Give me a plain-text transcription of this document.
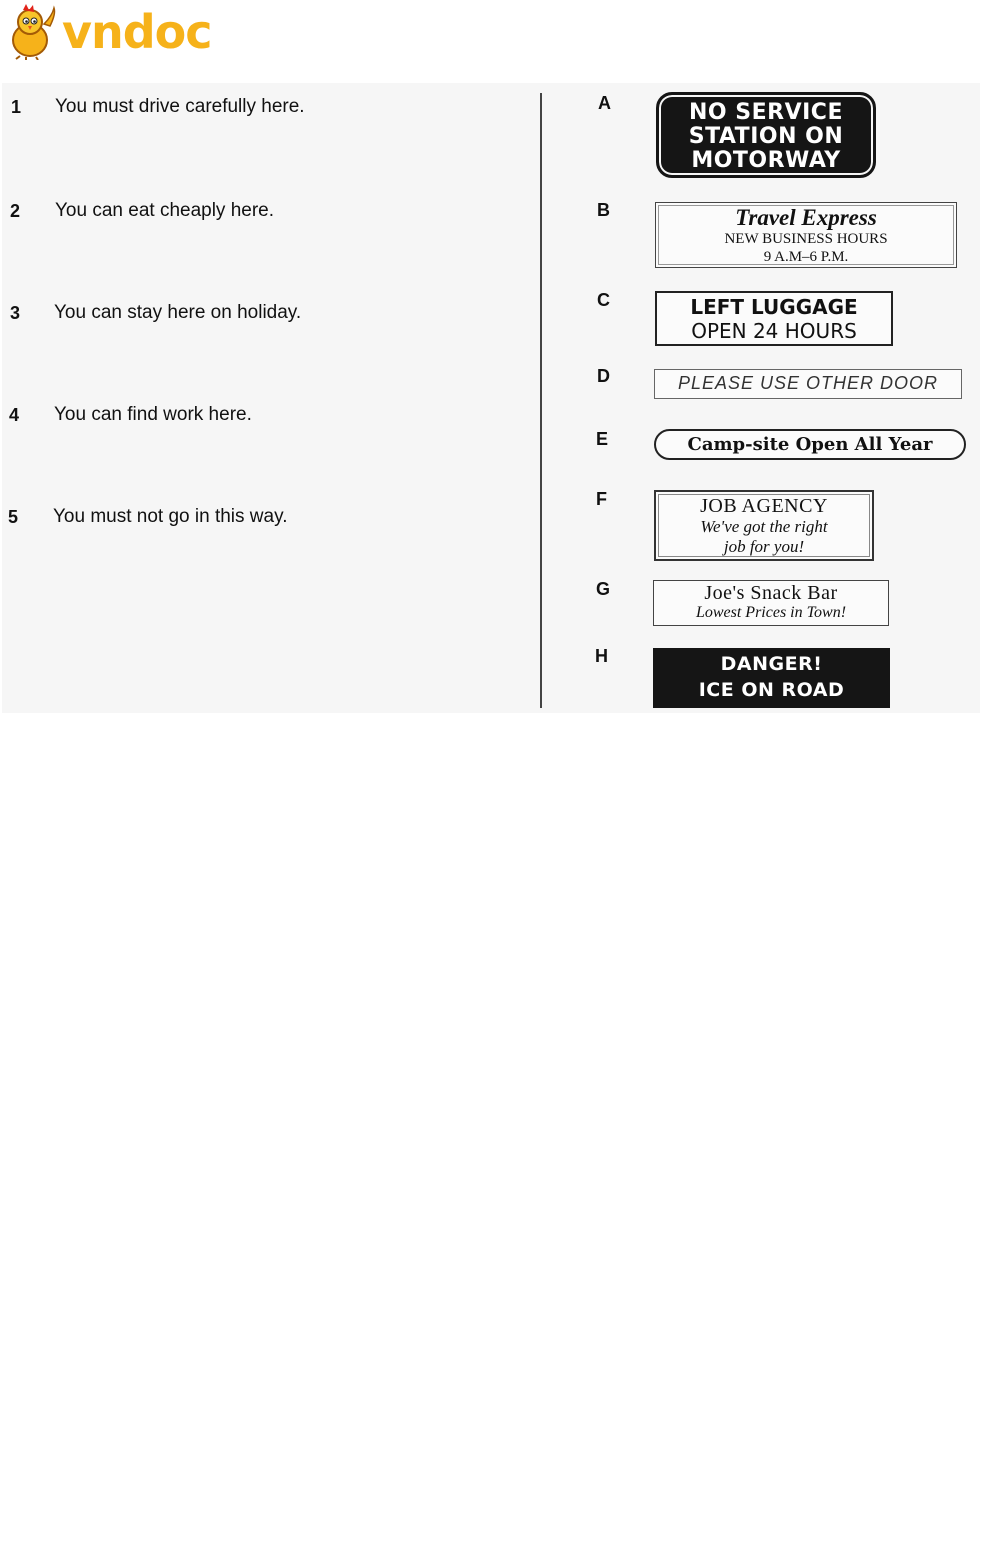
vndoc
1 You must drive carefully here.
2 You can eat cheaply here.
3 You can stay here on holiday.
4 You can find work here.
5 You must not go in this way.
A	NO SERVICE
STATION ON
MOTORWAY
B	Travel Express
NEW BUSINESS HOURS
9 A.M–6 P.M.
C	LEFT LUGGAGE
OPEN 24 HOURS
D	PLEASE USE OTHER DOOR
E	Camp-site Open All Year
F	JOB AGENCY
We've got the right
job for you!
G	Joe's Snack Bar
Lowest Prices in Town!
H	DANGER!
ICE ON ROAD
